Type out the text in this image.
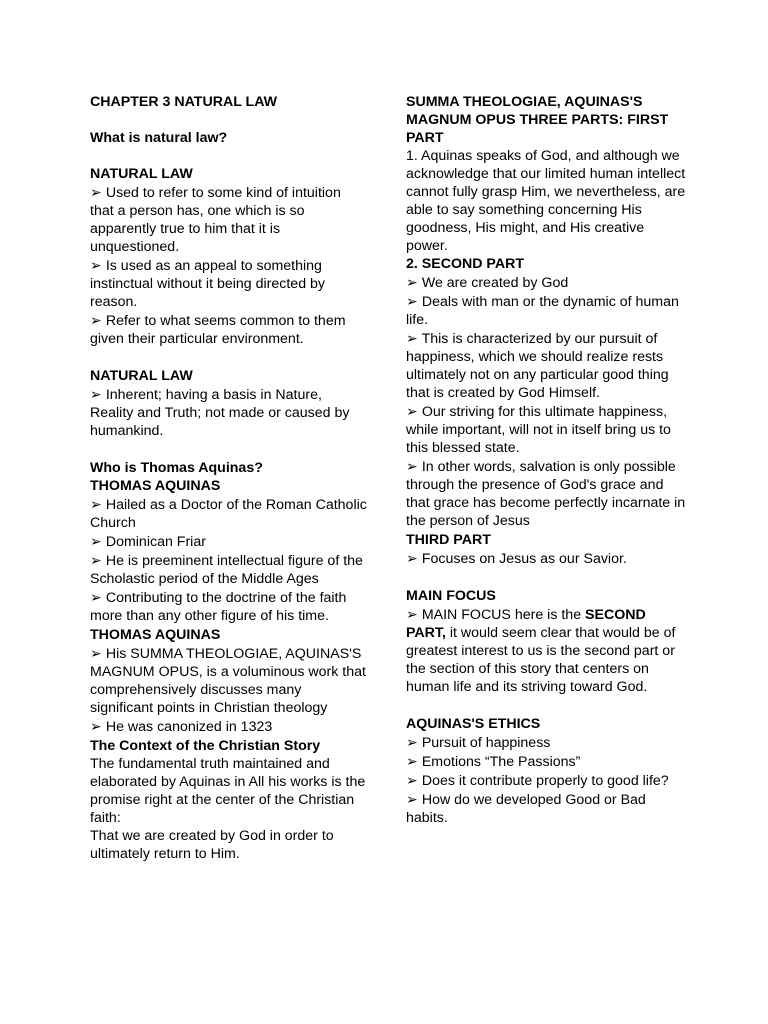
CHAPTER 3 NATURAL LAW

What is natural law?

NATURAL LAW

➢ Used to refer to some kind of intuition that a person has, one which is so apparently true to him that it is unquestioned.

➢ Is used as an appeal to something instinctual without it being directed by reason.

➢ Refer to what seems common to them given their particular environment.

NATURAL LAW

➢ Inherent; having a basis in Nature, Reality and Truth; not made or caused by humankind.

Who is Thomas Aquinas?

THOMAS AQUINAS

➢ Hailed as a Doctor of the Roman Catholic Church

➢ Dominican Friar

➢ He is preeminent intellectual figure of the Scholastic period of the Middle Ages

➢ Contributing to the doctrine of the faith more than any other figure of his time.

THOMAS AQUINAS

➢ His SUMMA THEOLOGIAE, AQUINAS'S MAGNUM OPUS, is a voluminous work that comprehensively discusses many significant points in Christian theology

➢ He was canonized in 1323

The Context of the Christian Story

The fundamental truth maintained and elaborated by Aquinas in All his works is the promise right at the center of the Christian faith:

That we are created by God in order to ultimately return to Him.

SUMMA THEOLOGIAE, AQUINAS'S MAGNUM OPUS THREE PARTS: FIRST PART

1. Aquinas speaks of God, and although we acknowledge that our limited human intellect cannot fully grasp Him, we nevertheless, are able to say something concerning His goodness, His might, and His creative power.

2. SECOND PART

➢ We are created by God

➢ Deals with man or the dynamic of human life.

➢ This is characterized by our pursuit of happiness, which we should realize rests ultimately not on any particular good thing that is created by God Himself.

➢ Our striving for this ultimate happiness, while important, will not in itself bring us to this blessed state.

➢ In other words, salvation is only possible through the presence of God's grace and that grace has become perfectly incarnate in the person of Jesus

THIRD PART

➢ Focuses on Jesus as our Savior.

MAIN FOCUS

➢ MAIN FOCUS here is the SECOND PART, it would seem clear that would be of greatest interest to us is the second part or the section of this story that centers on human life and its striving toward God.

AQUINAS'S ETHICS

➢ Pursuit of happiness

➢ Emotions “The Passions”

➢ Does it contribute properly to good life?

➢ How do we developed Good or Bad habits.
